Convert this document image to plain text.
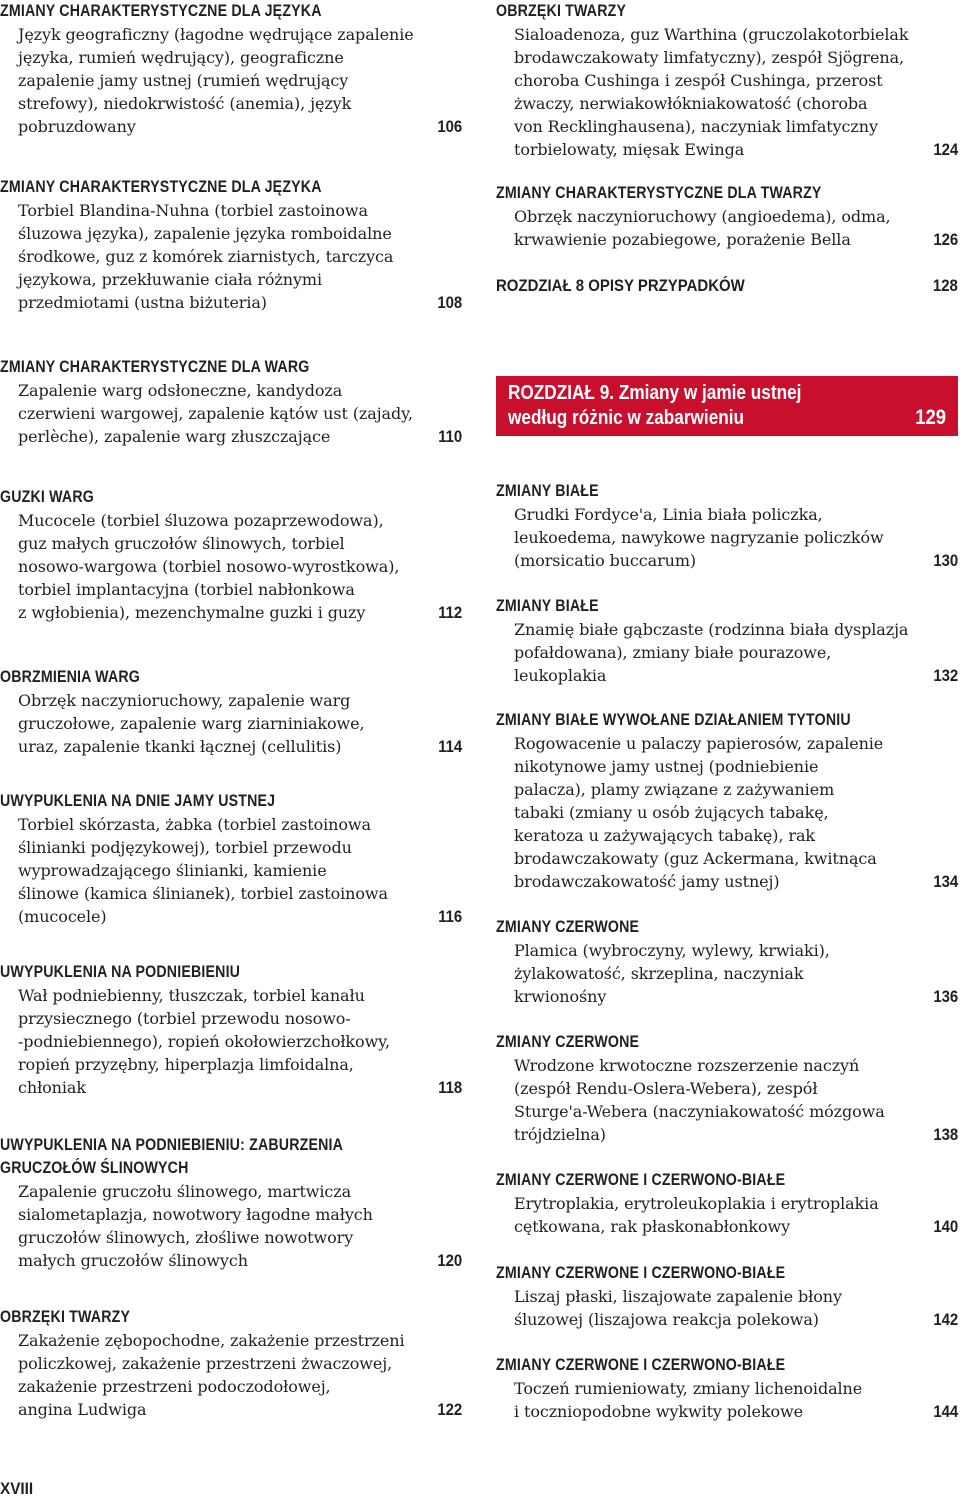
ZMIANY CHARAKTERYSTYCZNE DLA JĘZYKA
Język geograficzny (łagodne wędrujące zapalenie
języka, rumień wędrujący), geograficzne
zapalenie jamy ustnej (rumień wędrujący
strefowy), niedokrwistość (anemia), język
pobruzdowany	106
ZMIANY CHARAKTERYSTYCZNE DLA JĘZYKA
Torbiel Blandina-Nuhna (torbiel zastoinowa
śluzowa języka), zapalenie języka romboidalne
środkowe, guz z komórek ziarnistych, tarczyca
językowa, przekłuwanie ciała różnymi
przedmiotami (ustna biżuteria)	108
ZMIANY CHARAKTERYSTYCZNE DLA WARG
Zapalenie warg odsłoneczne, kandydoza
czerwieni wargowej, zapalenie kątów ust (zajady,
perlèche), zapalenie warg złuszczające	110
GUZKI WARG
Mucocele (torbiel śluzowa pozaprzewodowa),
guz małych gruczołów ślinowych, torbiel
nosowo-wargowa (torbiel nosowo-wyrostkowa),
torbiel implantacyjna (torbiel nabłonkowa
z wgłobienia), mezenchymalne guzki i guzy	112
OBRZMIENIA WARG
Obrzęk naczynioruchowy, zapalenie warg
gruczołowe, zapalenie warg ziarniniakowe,
uraz, zapalenie tkanki łącznej (cellulitis)	114
UWYPUKLENIA NA DNIE JAMY USTNEJ
Torbiel skórzasta, żabka (torbiel zastoinowa
ślinianki podjęzykowej), torbiel przewodu
wyprowadzającego ślinianki, kamienie
ślinowe (kamica ślinianek), torbiel zastoinowa
(mucocele)	116
UWYPUKLENIA NA PODNIEBIENIU
Wał podniebienny, tłuszczak, torbiel kanału
przysiecznego (torbiel przewodu nosowo-
-podniebiennego), ropień okołowierzchołkowy,
ropień przyzębny, hiperplazja limfoidalna,
chłoniak	118
UWYPUKLENIA NA PODNIEBIENIU: ZABURZENIA
GRUCZOŁÓW ŚLINOWYCH
Zapalenie gruczołu ślinowego, martwicza
sialometaplazja, nowotwory łagodne małych
gruczołów ślinowych, złośliwe nowotwory
małych gruczołów ślinowych	120
OBRZĘKI TWARZY
Zakażenie zębopochodne, zakażenie przestrzeni
policzkowej, zakażenie przestrzeni żwaczowej,
zakażenie przestrzeni podoczodołowej,
angina Ludwiga	122
OBRZĘKI TWARZY
Sialoadenoza, guz Warthina (gruczolakotorbielak
brodawczakowaty limfatyczny), zespół Sjögrena,
choroba Cushinga i zespół Cushinga, przerost
żwaczy, nerwiakowłókniakowatość (choroba
von Recklinghausena), naczyniak limfatyczny
torbielowaty, mięsak Ewinga	124
ZMIANY CHARAKTERYSTYCZNE DLA TWARZY
Obrzęk naczynioruchowy (angioedema), odma,
krwawienie pozabiegowe, porażenie Bella	126
ZMIANY BIAŁE
Grudki Fordyce'a, Linia biała policzka,
leukoedema, nawykowe nagryzanie policzków
(morsicatio buccarum)	130
ZMIANY BIAŁE
Znamię białe gąbczaste (rodzinna biała dysplazja
pofałdowana), zmiany białe pourazowe,
leukoplakia	132
ZMIANY BIAŁE WYWOŁANE DZIAŁANIEM TYTONIU
Rogowacenie u palaczy papierosów, zapalenie
nikotynowe jamy ustnej (podniebienie
palacza), plamy związane z zażywaniem
tabaki (zmiany u osób żujących tabakę,
keratoza u zażywających tabakę), rak
brodawczakowaty (guz Ackermana, kwitnąca
brodawczakowatość jamy ustnej)	134
ZMIANY CZERWONE
Plamica (wybroczyny, wylewy, krwiaki),
żylakowatość, skrzeplina, naczyniak
krwionośny	136
ZMIANY CZERWONE
Wrodzone krwotoczne rozszerzenie naczyń
(zespół Rendu-Oslera-Webera), zespół
Sturge'a-Webera (naczyniakowatość mózgowa
trójdzielna)	138
ZMIANY CZERWONE I CZERWONO-BIAŁE
Erytroplakia, erytroleukoplakia i erytroplakia
cętkowana, rak płaskonabłonkowy	140
ZMIANY CZERWONE I CZERWONO-BIAŁE
Liszaj płaski, liszajowate zapalenie błony
śluzowej (liszajowa reakcja polekowa)	142
ZMIANY CZERWONE I CZERWONO-BIAŁE
Toczeń rumieniowaty, zmiany lichenoidalne
i toczniopodobne wykwity polekowe	144
ROZDZIAŁ 8 OPISY PRZYPADKÓW	128
ROZDZIAŁ 9. Zmiany w jamie ustnej
według różnic w zabarwieniu	129
XVIII
